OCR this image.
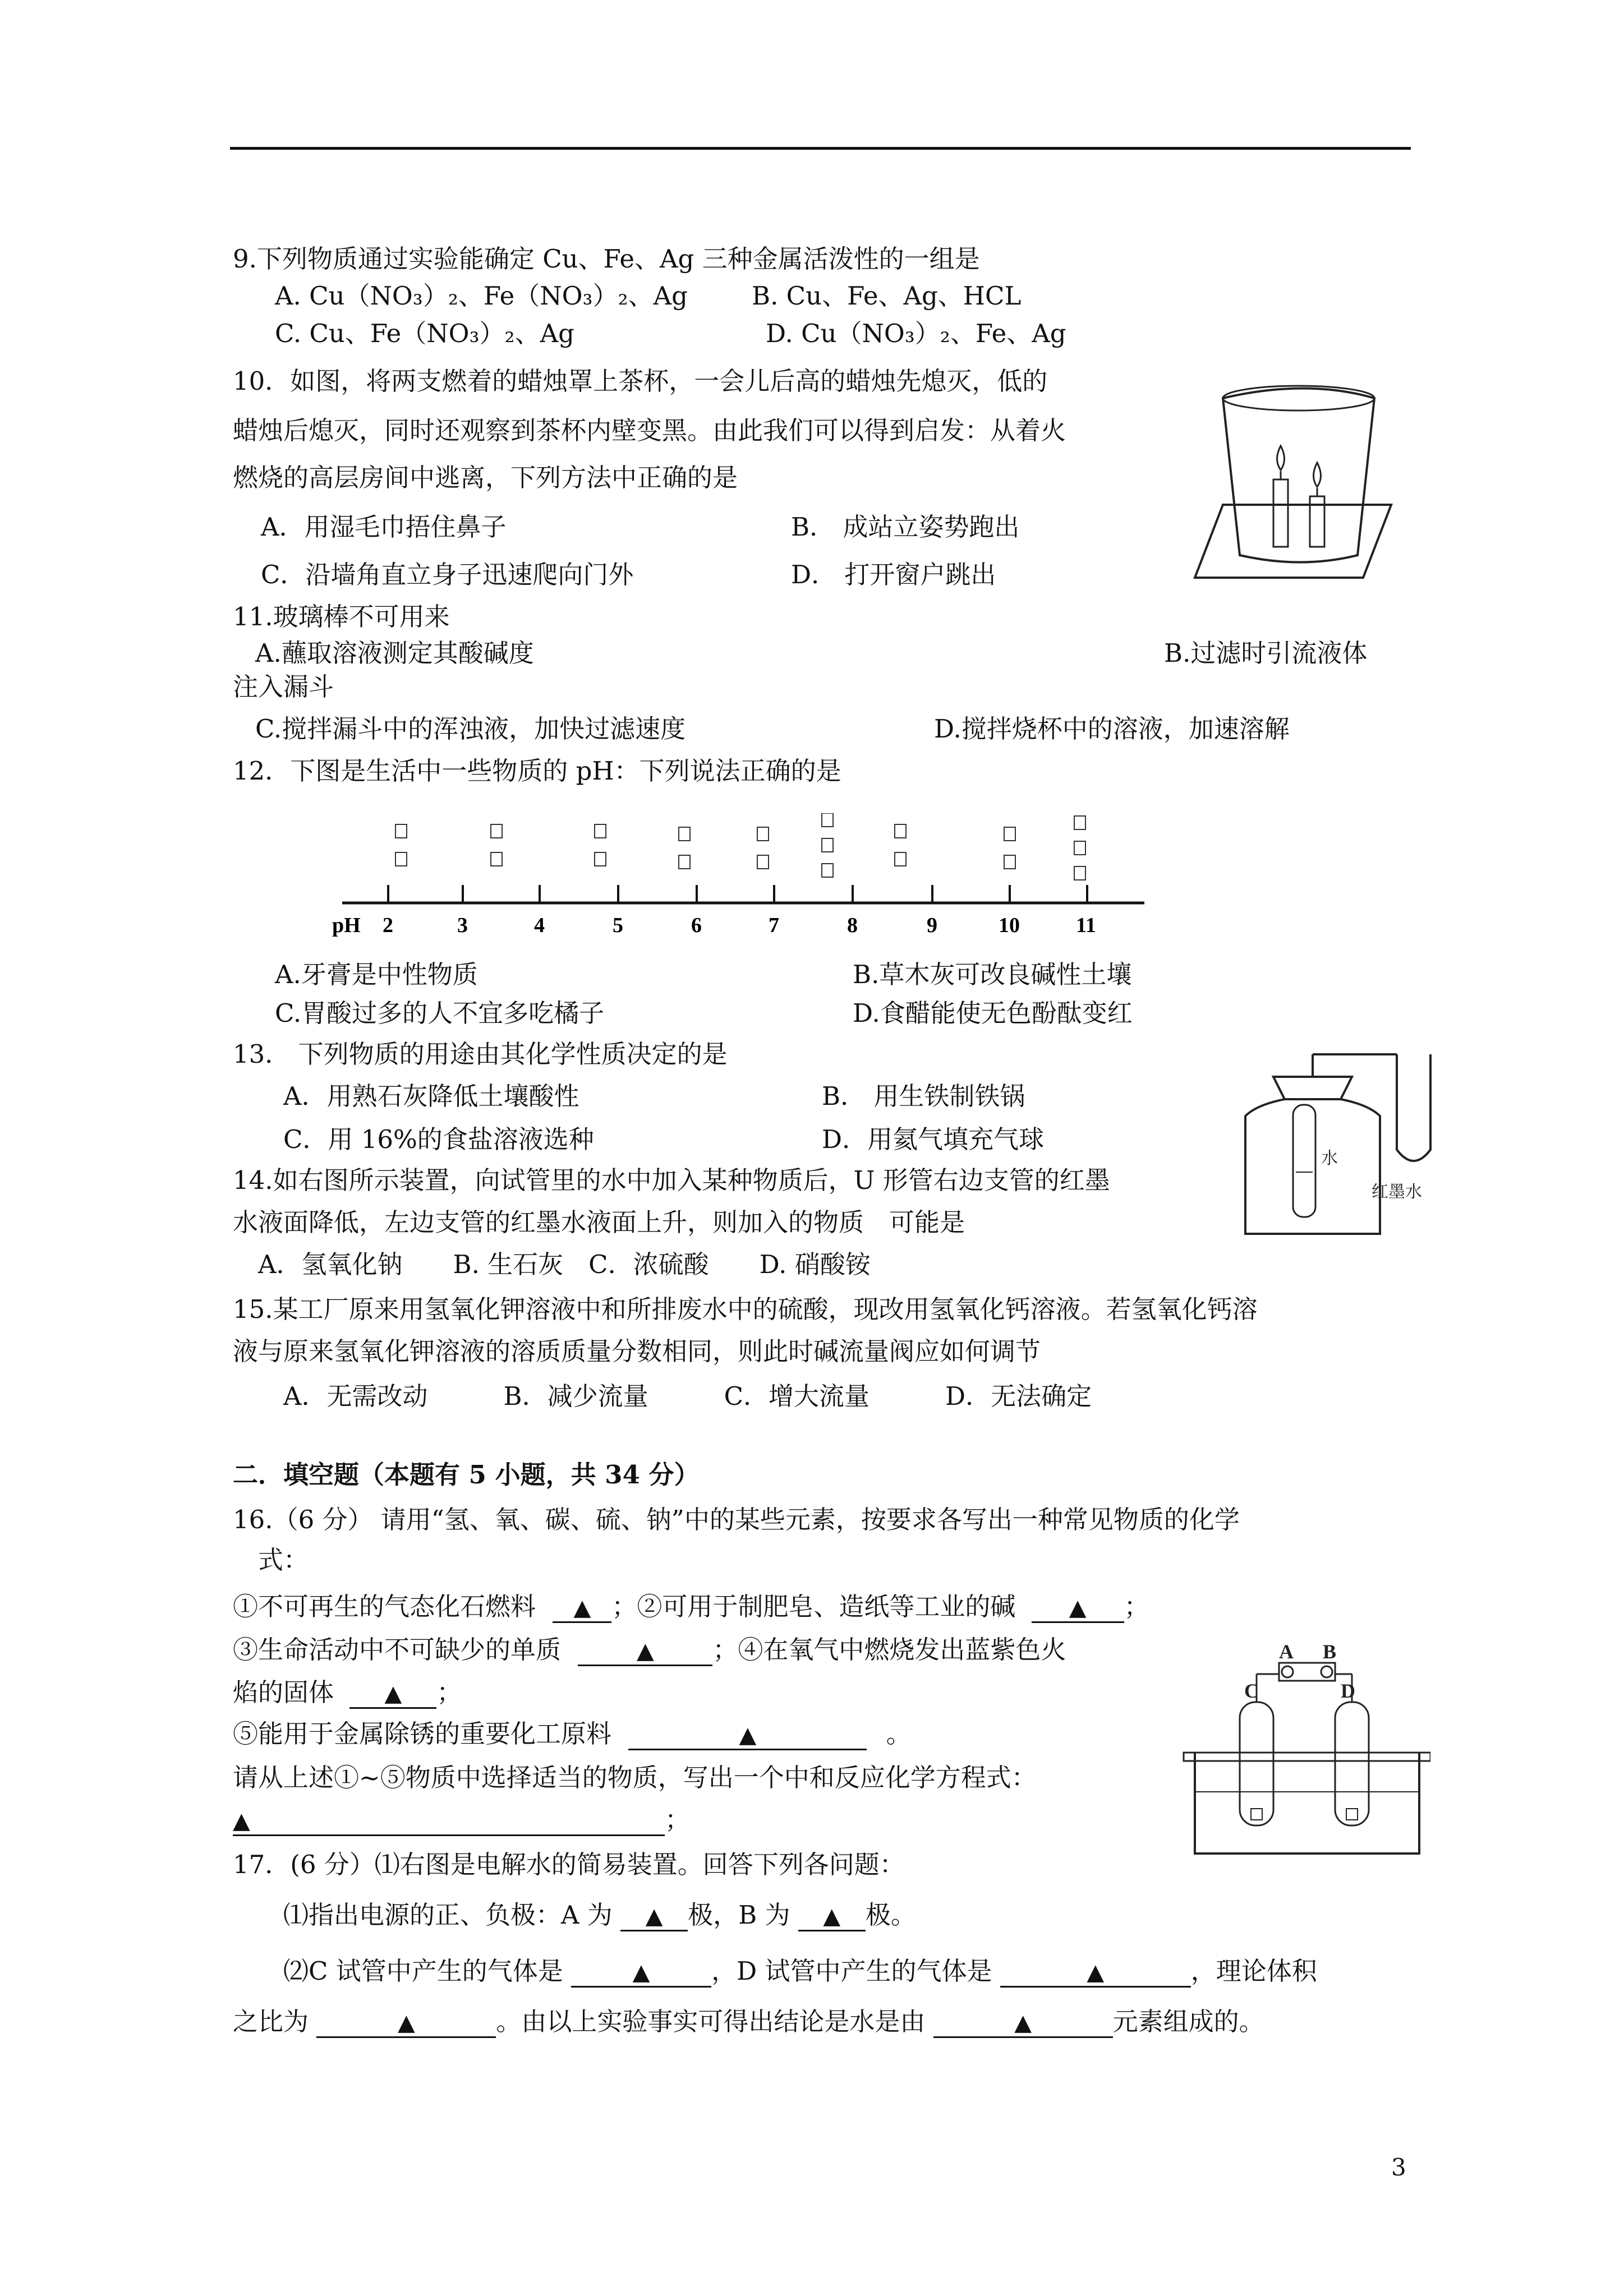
9.下列物质通过实验能确定 Cu、Fe、Ag 三种金属活泼性的一组是
A. Cu（NO₃）₂、Fe（NO₃）₂、Ag	B. Cu、Fe、Ag、HCL
C. Cu、Fe（NO₃）₂、Ag	D. Cu（NO₃）₂、Fe、Ag
10．如图，将两支燃着的蜡烛罩上茶杯，一会儿后高的蜡烛先熄灭，低的
蜡烛后熄灭，同时还观察到茶杯内壁变黑。由此我们可以得到启发：从着火
燃烧的高层房间中逃离，下列方法中正确的是
A．用湿毛巾捂住鼻子	B． 成站立姿势跑出
C．沿墙角直立身子迅速爬向门外	D． 打开窗户跳出
11.玻璃棒不可用来
A.蘸取溶液测定其酸碱度	B.过滤时引流液体
注入漏斗
C.搅拌漏斗中的浑浊液，加快过滤速度	D.搅拌烧杯中的溶液，加速溶解
12．下图是生活中一些物质的 pH：下列说法正确的是
2	3	4	5	6	7	8	9	10	11
pH
A.牙膏是中性物质	B.草木灰可改良碱性土壤
C.胃酸过多的人不宜多吃橘子	D.食醋能使无色酚酞变红
13． 下列物质的用途由其化学性质决定的是
A．用熟石灰降低土壤酸性	B． 用生铁制铁锅
C．用 16%的食盐溶液选种	D．用氦气填充气球
14.如右图所示装置，向试管里的水中加入某种物质后，U 形管右边支管的红墨
水液面降低，左边支管的红墨水液面上升，则加入的物质　可能是
A．氢氧化钠　　B. 生石灰　C．浓硫酸　　D. 硝酸铵
水
红墨水
15.某工厂原来用氢氧化钾溶液中和所排废水中的硫酸，现改用氢氧化钙溶液。若氢氧化钙溶
液与原来氢氧化钾溶液的溶质质量分数相同，则此时碱流量阀应如何调节
A．无需改动　　　B．减少流量　　　C．增大流量　　　D．无法确定
二．填空题（本题有 5 小题，共 34 分）
16.（6 分） 请用“氢、氧、碳、硫、钠”中的某些元素，按要求各写出一种常见物质的化学
式：
①不可再生的气态化石燃料 ▲ ；②可用于制肥皂、造纸等工业的碱 ▲ ；
③生命活动中不可缺少的单质	▲ ；④在氧气中燃烧发出蓝紫色火
焰的固体 ▲ ；
⑤能用于金属除锈的重要化工原料	▲	。
请从上述①~⑤物质中选择适当的物质，写出一个中和反应化学方程式：
▲	；
A B
C	D
17．(6 分）⑴右图是电解水的简易装置。回答下列各问题：
⑴指出电源的正、负极：A 为 ▲ 极，B 为 ▲ 极。
⑵C 试管中产生的气体是	▲ ，D 试管中产生的气体是	▲	，理论体积
之比为	▲	。由以上实验事实可得出结论是水是由	▲	元素组成的。
3
